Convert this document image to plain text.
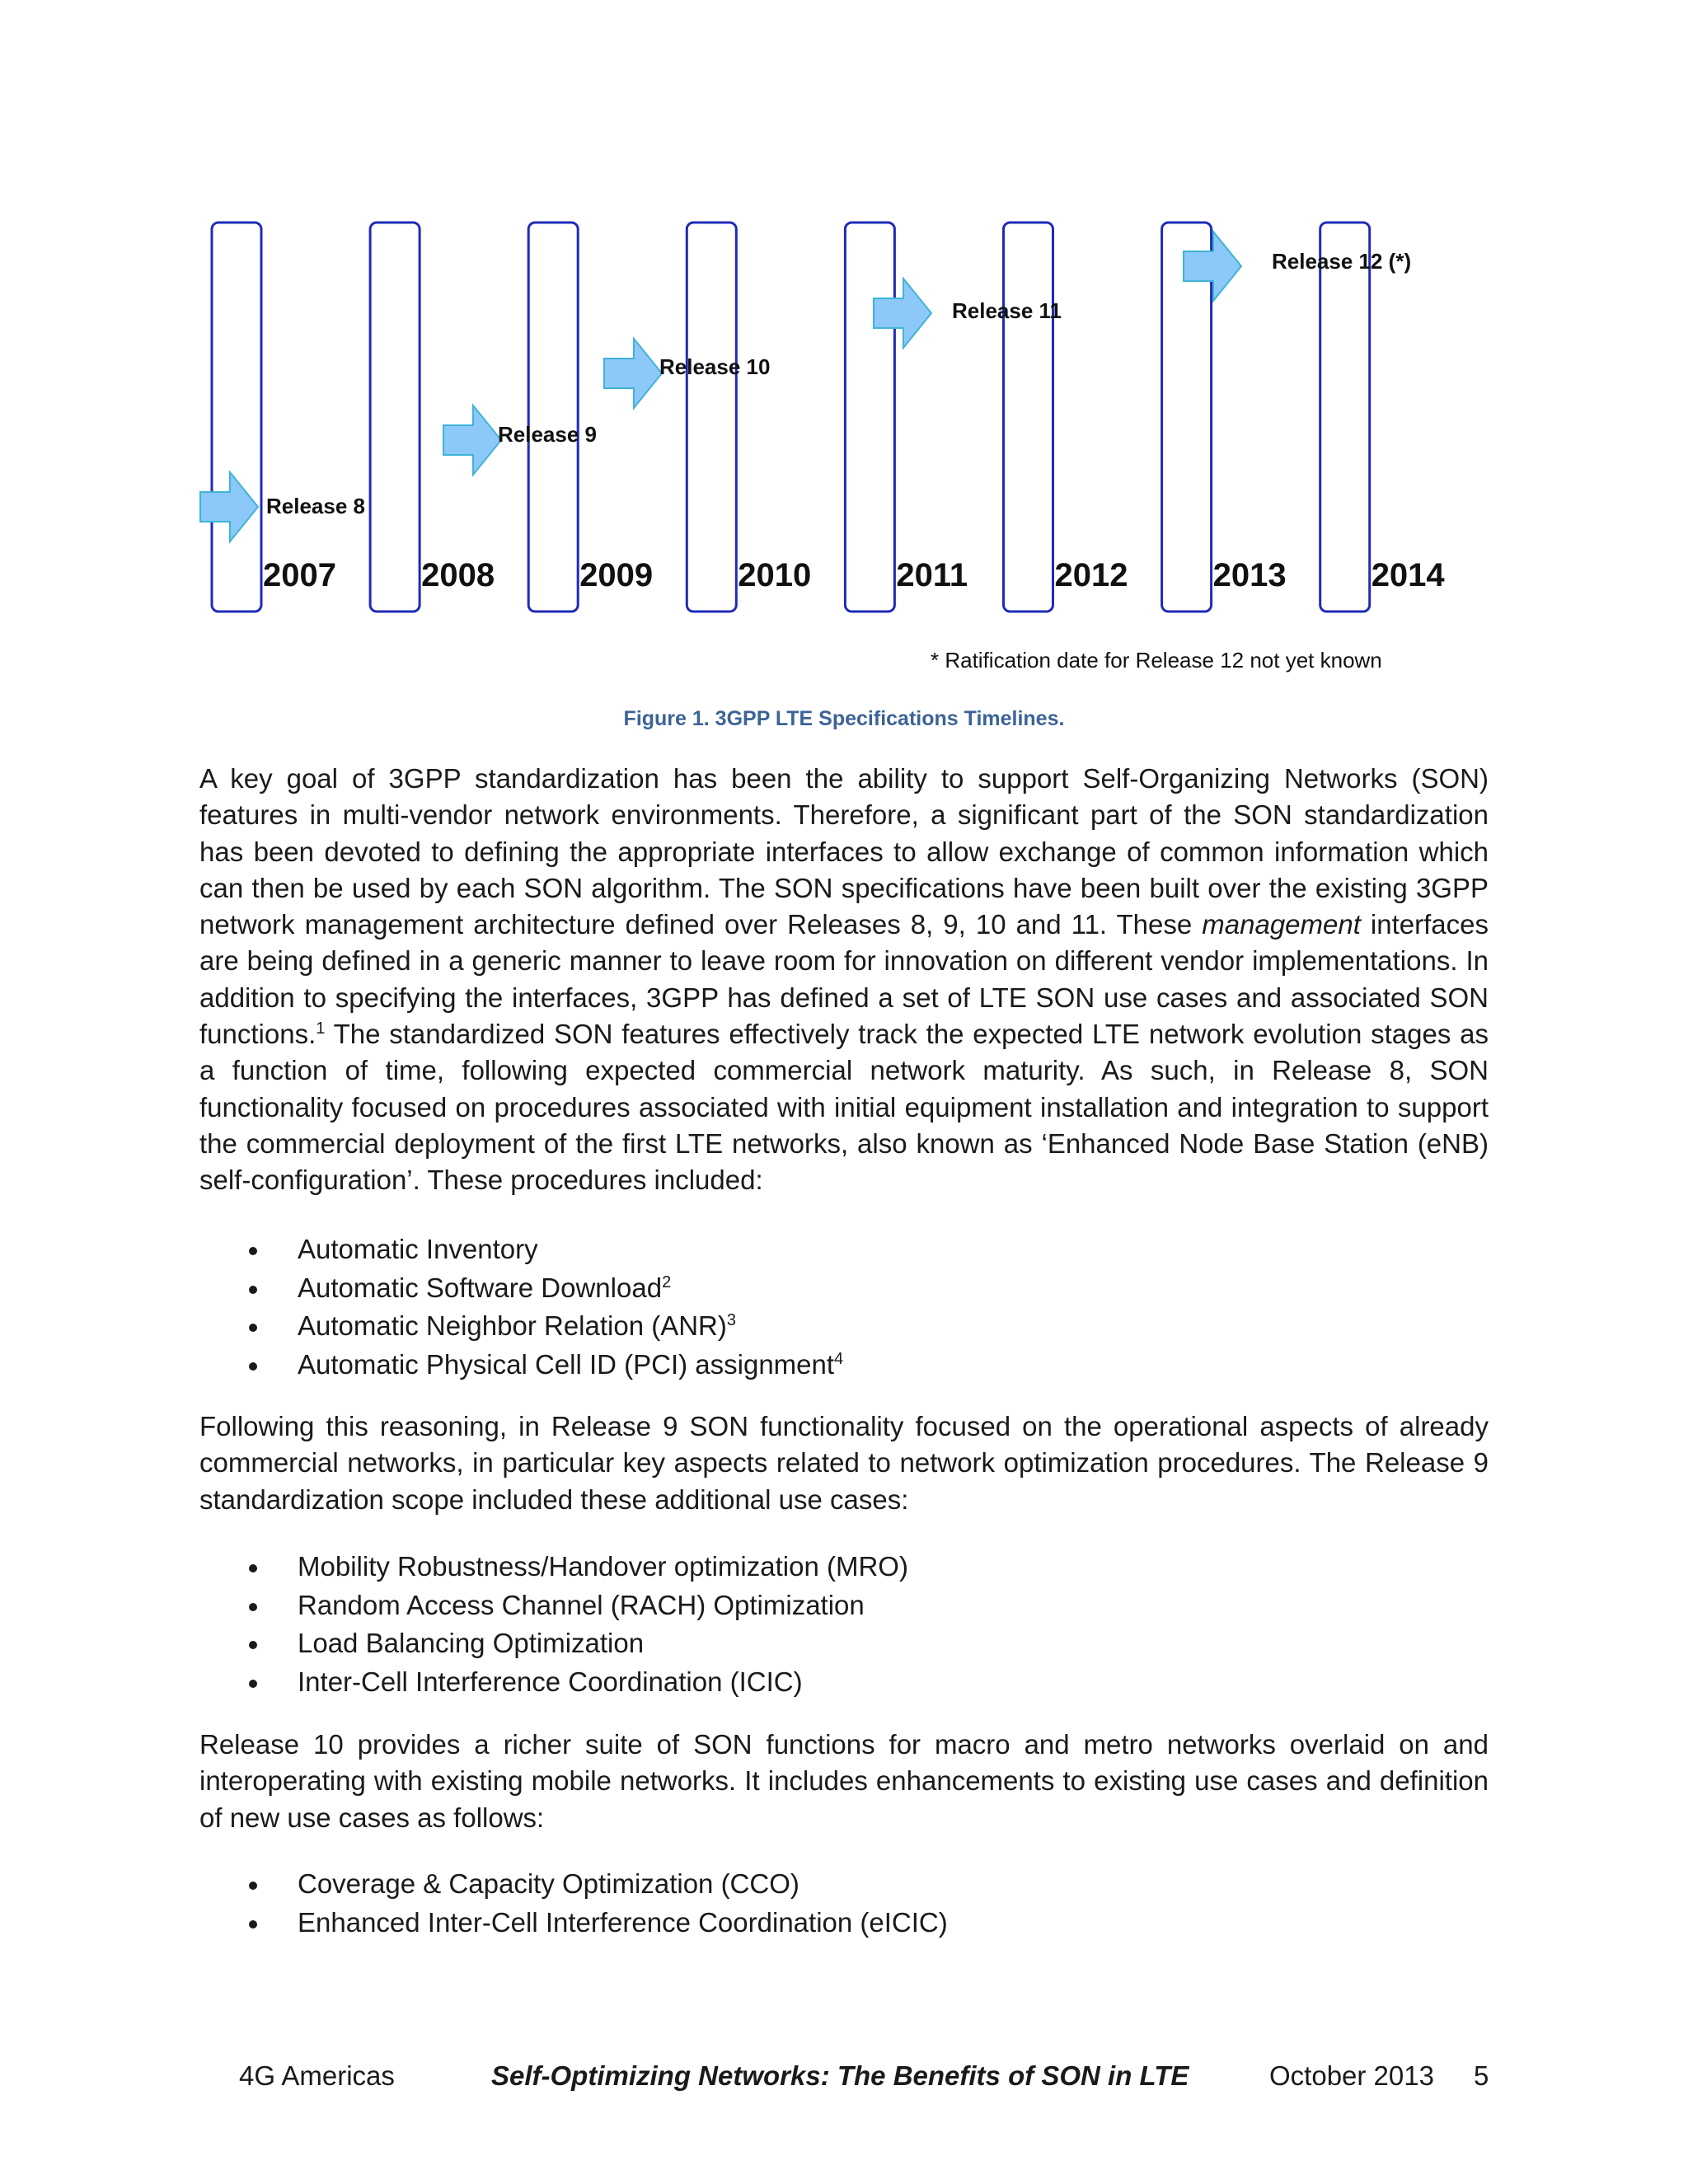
2007	2008	2009	2010	2011	2012	2013	2014
Release 8
Release 9
Release 10
Release 11
Release 12 (*)
* Ratification date for Release 12 not yet known
Figure 1. 3GPP LTE Specifications Timelines.

A key goal of 3GPP standardization has been the ability to support Self-Organizing Networks (SON) features in multi-vendor network environments. Therefore, a significant part of the SON standardization has been devoted to defining the appropriate interfaces to allow exchange of common information which can then be used by each SON algorithm. The SON specifications have been built over the existing 3GPP network management architecture defined over Releases 8, 9, 10 and 11. These management interfaces are being defined in a generic manner to leave room for innovation on different vendor implementations. In addition to specifying the interfaces, 3GPP has defined a set of LTE SON use cases and associated SON functions.$^1$ The standardized SON features effectively track the expected LTE network evolution stages as a function of time, following expected commercial network maturity. As such, in Release 8, SON functionality focused on procedures associated with initial equipment installation and integration to support the commercial deployment of the first LTE networks, also known as ‘Enhanced Node Base Station (eNB) self-configuration’. These procedures included:

Automatic Inventory
Automatic Software Download$^2$
Automatic Neighbor Relation (ANR)$^3$
Automatic Physical Cell ID (PCI) assignment$^4$

Following this reasoning, in Release 9 SON functionality focused on the operational aspects of already commercial networks, in particular key aspects related to network optimization procedures. The Release 9 standardization scope included these additional use cases:

Mobility Robustness/Handover optimization (MRO)
Random Access Channel (RACH) Optimization
Load Balancing Optimization
Inter-Cell Interference Coordination (ICIC)

Release 10 provides a richer suite of SON functions for macro and metro networks overlaid on and interoperating with existing mobile networks. It includes enhancements to existing use cases and definition of new use cases as follows:

Coverage & Capacity Optimization (CCO)
Enhanced Inter-Cell Interference Coordination (eICIC)
4G Americas	Self-Optimizing Networks: The Benefits of SON in LTE	October 2013 5
